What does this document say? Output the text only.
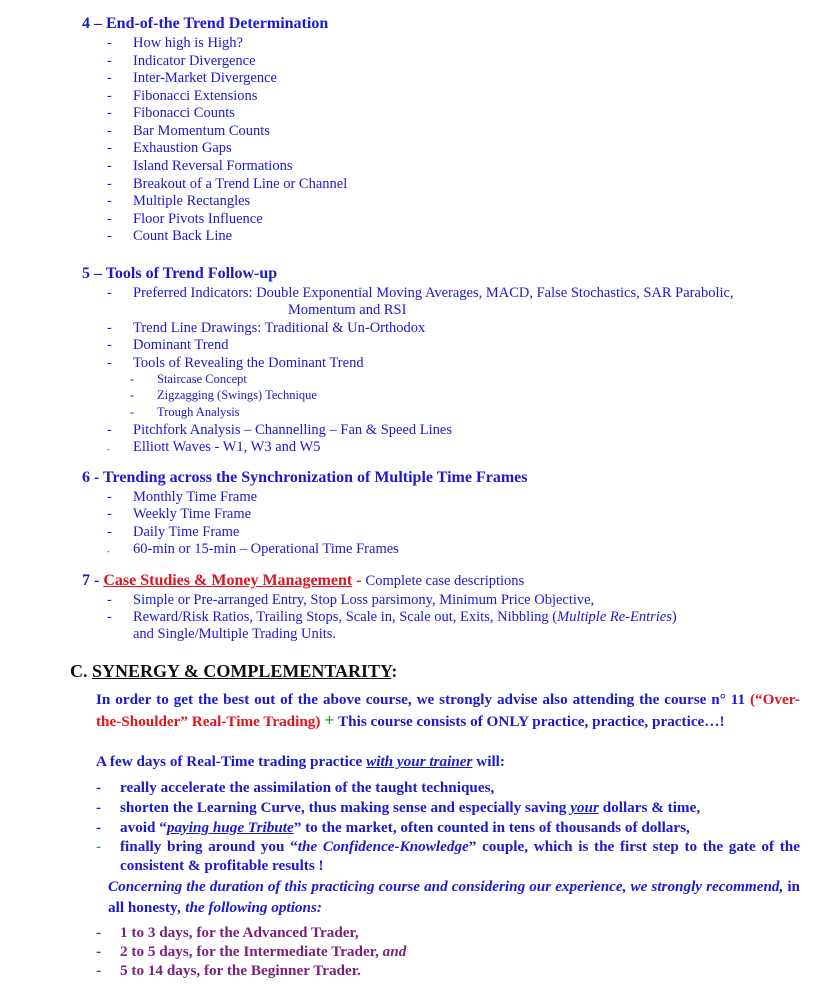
4 – End-of-the Trend Determination
- How high is High?
- Indicator Divergence
- Inter-Market Divergence
- Fibonacci Extensions
- Fibonacci Counts
- Bar Momentum Counts
- Exhaustion Gaps
- Island Reversal Formations
- Breakout of a Trend Line or Channel
- Multiple Rectangles
- Floor Pivots Influence
- Count Back Line
5 – Tools of Trend Follow-up
- Preferred Indicators: Double Exponential Moving Averages, MACD, False Stochastics, SAR Parabolic,
Momentum and RSI
- Trend Line Drawings: Traditional & Un-Orthodox
- Dominant Trend
- Tools of Revealing the Dominant Trend
- Staircase Concept
- Zigzagging (Swings) Technique
- Trough Analysis
- Pitchfork Analysis – Channelling – Fan & Speed Lines
- Elliott Waves - W1, W3 and W5
6 - Trending across the Synchronization of Multiple Time Frames
- Monthly Time Frame
- Weekly Time Frame
- Daily Time Frame
- 60-min or 15-min – Operational Time Frames
7 - Case Studies & Money Management - Complete case descriptions
- Simple or Pre-arranged Entry, Stop Loss parsimony, Minimum Price Objective,
- Reward/Risk Ratios, Trailing Stops, Scale in, Scale out, Exits, Nibbling (Multiple Re-Entries)
and Single/Multiple Trading Units.
C. SYNERGY & COMPLEMENTARITY:
In order to get the best out of the above course, we strongly advise also attending the course n° 11 (“Over-the-Shoulder” Real-Time Trading) + This course consists of ONLY practice, practice, practice…!
A few days of Real-Time trading practice with your trainer will:
- really accelerate the assimilation of the taught techniques,
- shorten the Learning Curve, thus making sense and especially saving your dollars & time,
- avoid “paying huge Tribute” to the market, often counted in tens of thousands of dollars,
- finally bring around you “the Confidence-Knowledge” couple, which is the first step to the gate of the consistent & profitable results !
Concerning the duration of this practicing course and considering our experience, we strongly recommend, in all honesty, the following options:
- 1 to 3 days, for the Advanced Trader,
- 2 to 5 days, for the Intermediate Trader, and
- 5 to 14 days, for the Beginner Trader.
